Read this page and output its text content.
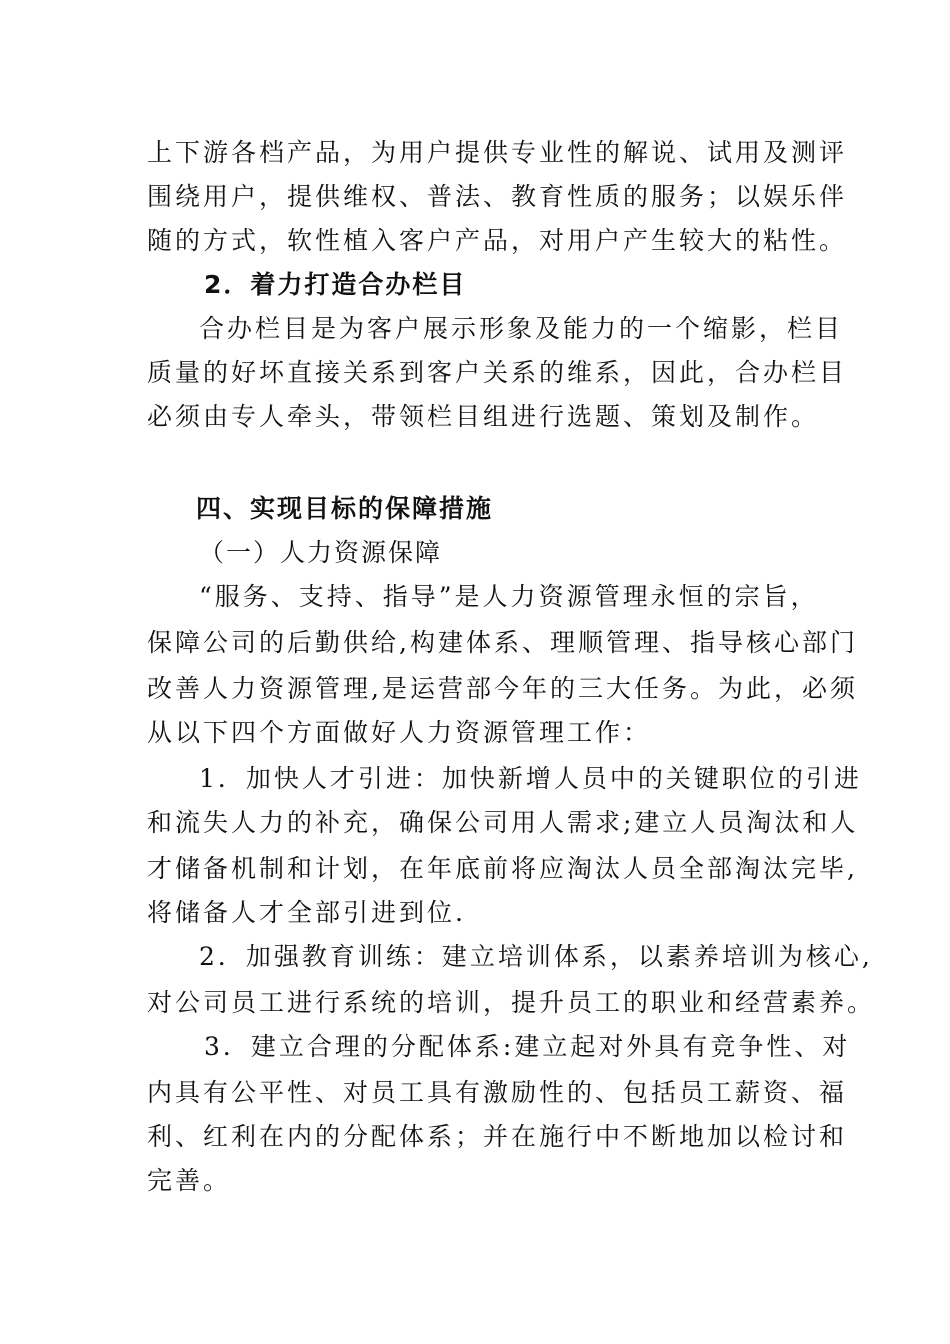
上下游各档产品，为用户提供专业性的解说、试用及测评
围绕用户，提供维权、普法、教育性质的服务；以娱乐伴
随的方式，软性植入客户产品，对用户产生较大的粘性。
2．着力打造合办栏目
合办栏目是为客户展示形象及能力的一个缩影，栏目
质量的好坏直接关系到客户关系的维系，因此，合办栏目
必须由专人牵头，带领栏目组进行选题、策划及制作。
四、实现目标的保障措施
（一）人力资源保障
“服务、支持、指导”是人力资源管理永恒的宗旨，
保障公司的后勤供给,构建体系、理顺管理、指导核心部门
改善人力资源管理,是运营部今年的三大任务。为此，必须
从以下四个方面做好人力资源管理工作：
1．加快人才引进：加快新增人员中的关键职位的引进
和流失人力的补充，确保公司用人需求;建立人员淘汰和人
才储备机制和计划，在年底前将应淘汰人员全部淘汰完毕,
将储备人才全部引进到位.
2．加强教育训练：建立培训体系，以素养培训为核心,
对公司员工进行系统的培训，提升员工的职业和经营素养。
3．建立合理的分配体系:建立起对外具有竞争性、对
内具有公平性、对员工具有激励性的、包括员工薪资、福
利、红利在内的分配体系；并在施行中不断地加以检讨和
完善。
